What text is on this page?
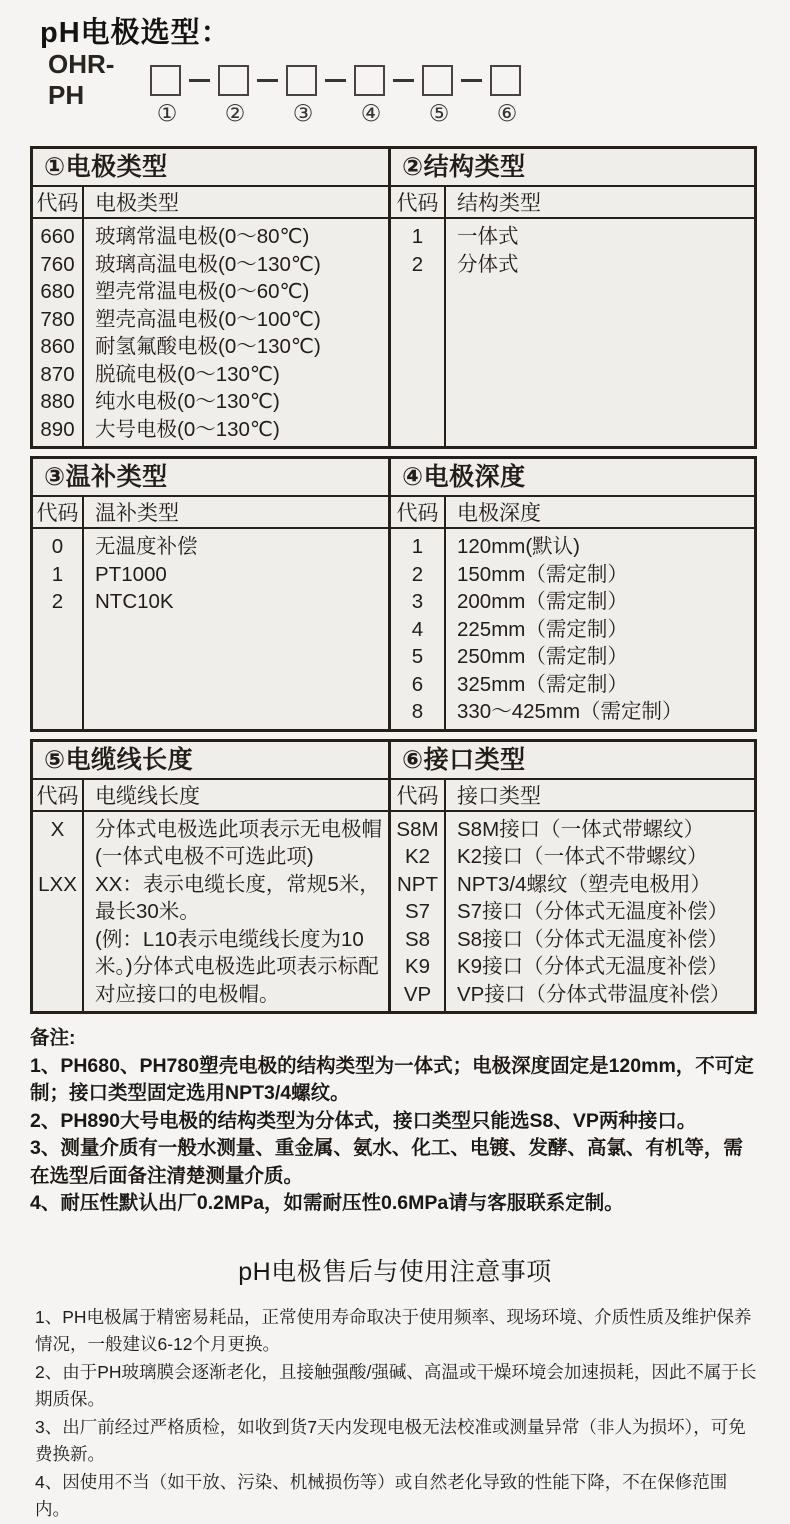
pH电极选型：
OHR-PH
①	②	③	④	⑤	⑥
①电极类型
代码 电极类型
660 玻璃常温电极(0～80℃)
760 玻璃高温电极(0～130℃)
680 塑壳常温电极(0～60℃)
780 塑壳高温电极(0～100℃)
860 耐氢氟酸电极(0～130℃)
870 脱硫电极(0～130℃)
880 纯水电极(0～130℃)
890 大号电极(0～130℃)
②结构类型
代码 结构类型
1	一体式
2	分体式
③温补类型
代码 温补类型
0	无温度补偿
1	PT1000
2	NTC10K
④电极深度
代码 电极深度
1	120mm(默认)
2	150mm（需定制）
3	200mm（需定制）
4	225mm（需定制）
5	250mm（需定制）
6	325mm（需定制）
8	330～425mm（需定制）
⑤电缆线长度
代码 电缆线长度
X	分体式电极选此项表示无电极帽(一体式电极不可选此项)
LXX XX：表示电缆长度，常规5米，最长30米。
(例：L10表示电缆线长度为10米。)分体式电极选此项表示标配对应接口的电极帽。
⑥接口类型
代码 接口类型
S8M S8M接口（一体式带螺纹）
K2	K2接口（一体式不带螺纹）
NPT NPT3/4螺纹（塑壳电极用）
S7	S7接口（分体式无温度补偿）
S8	S8接口（分体式无温度补偿）
K9	K9接口（分体式无温度补偿）
VP	VP接口（分体式带温度补偿）
备注:
1、PH680、PH780塑壳电极的结构类型为一体式；电极深度固定是120mm，不可定制；接口类型固定选用NPT3/4螺纹。
2、PH890大号电极的结构类型为分体式，接口类型只能选S8、VP两种接口。
3、测量介质有一般水测量、重金属、氨水、化工、电镀、发酵、高氯、有机等，需在选型后面备注清楚测量介质。
4、耐压性默认出厂0.2MPa，如需耐压性0.6MPa请与客服联系定制。
pH电极售后与使用注意事项
1、PH电极属于精密易耗品，正常使用寿命取决于使用频率、现场环境、介质性质及维护保养情况，一般建议6-12个月更换。
2、由于PH玻璃膜会逐渐老化，且接触强酸/强碱、高温或干燥环境会加速损耗，因此不属于长期质保。
3、出厂前经过严格质检，如收到货7天内发现电极无法校准或测量异常（非人为损坏），可免费换新。
4、因使用不当（如干放、污染、机械损伤等）或自然老化导致的性能下降，不在保修范围内。
